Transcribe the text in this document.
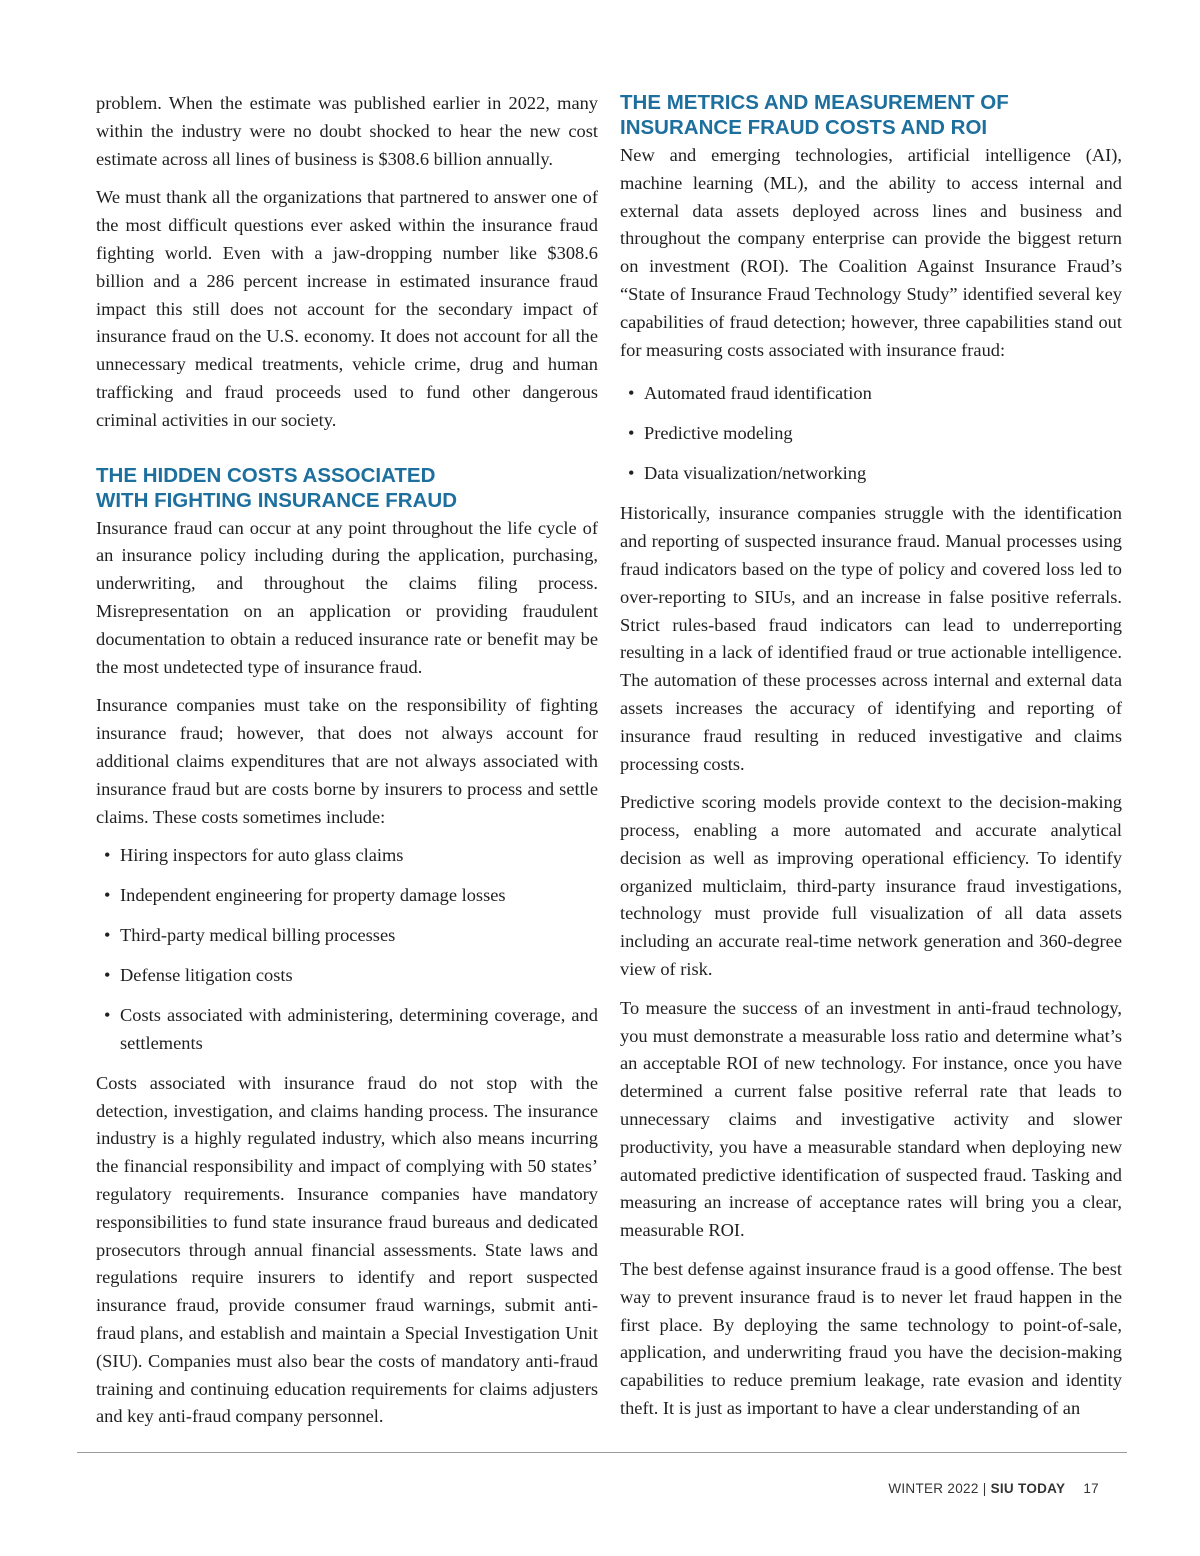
problem. When the estimate was published earlier in 2022, many within the industry were no doubt shocked to hear the new cost estimate across all lines of business is $308.6 billion annually.

We must thank all the organizations that partnered to answer one of the most difficult questions ever asked within the insurance fraud fighting world. Even with a jaw-dropping number like $308.6 billion and a 286 percent increase in estimated insurance fraud impact this still does not account for the secondary impact of insurance fraud on the U.S. economy. It does not account for all the unnecessary medical treatments, vehicle crime, drug and human trafficking and fraud proceeds used to fund other dangerous criminal activities in our society.

THE HIDDEN COSTS ASSOCIATED
WITH FIGHTING INSURANCE FRAUD

Insurance fraud can occur at any point throughout the life cycle of an insurance policy including during the application, purchasing, underwriting, and throughout the claims filing process. Misrepresentation on an application or providing fraudulent documentation to obtain a reduced insurance rate or benefit may be the most undetected type of insurance fraud.

Insurance companies must take on the responsibility of fighting insurance fraud; however, that does not always account for additional claims expenditures that are not always associated with insurance fraud but are costs borne by insurers to process and settle claims. These costs sometimes include:

• Hiring inspectors for auto glass claims
• Independent engineering for property damage losses
• Third-party medical billing processes
• Defense litigation costs
• Costs associated with administering, determining coverage, and settlements

Costs associated with insurance fraud do not stop with the detection, investigation, and claims handing process. The insurance industry is a highly regulated industry, which also means incurring the financial responsibility and impact of complying with 50 states’ regulatory requirements. Insurance companies have mandatory responsibilities to fund state insurance fraud bureaus and dedicated prosecutors through annual financial assessments. State laws and regulations require insurers to identify and report suspected insurance fraud, provide consumer fraud warnings, submit anti-fraud plans, and establish and maintain a Special Investigation Unit (SIU). Companies must also bear the costs of mandatory anti-fraud training and continuing education requirements for claims adjusters and key anti-fraud company personnel.

THE METRICS AND MEASUREMENT OF
INSURANCE FRAUD COSTS AND ROI

New and emerging technologies, artificial intelligence (AI), machine learning (ML), and the ability to access internal and external data assets deployed across lines and business and throughout the company enterprise can provide the biggest return on investment (ROI). The Coalition Against Insurance Fraud’s “State of Insurance Fraud Technology Study” identified several key capabilities of fraud detection; however, three capabilities stand out for measuring costs associated with insurance fraud:

• Automated fraud identification
• Predictive modeling
• Data visualization/networking

Historically, insurance companies struggle with the identification and reporting of suspected insurance fraud. Manual processes using fraud indicators based on the type of policy and covered loss led to over-reporting to SIUs, and an increase in false positive referrals. Strict rules-based fraud indicators can lead to underreporting resulting in a lack of identified fraud or true actionable intelligence. The automation of these processes across internal and external data assets increases the accuracy of identifying and reporting of insurance fraud resulting in reduced investigative and claims processing costs.

Predictive scoring models provide context to the decision-making process, enabling a more automated and accurate analytical decision as well as improving operational efficiency. To identify organized multiclaim, third-party insurance fraud investigations, technology must provide full visualization of all data assets including an accurate real-time network generation and 360-degree view of risk.

To measure the success of an investment in anti-fraud technology, you must demonstrate a measurable loss ratio and determine what’s an acceptable ROI of new technology. For instance, once you have determined a current false positive referral rate that leads to unnecessary claims and investigative activity and slower productivity, you have a measurable standard when deploying new automated predictive identification of suspected fraud. Tasking and measuring an increase of acceptance rates will bring you a clear, measurable ROI.

The best defense against insurance fraud is a good offense. The best way to prevent insurance fraud is to never let fraud happen in the first place. By deploying the same technology to point-of-sale, application, and underwriting fraud you have the decision-making capabilities to reduce premium leakage, rate evasion and identity theft. It is just as important to have a clear understanding of an

WINTER 2022 | SIU TODAY 17
